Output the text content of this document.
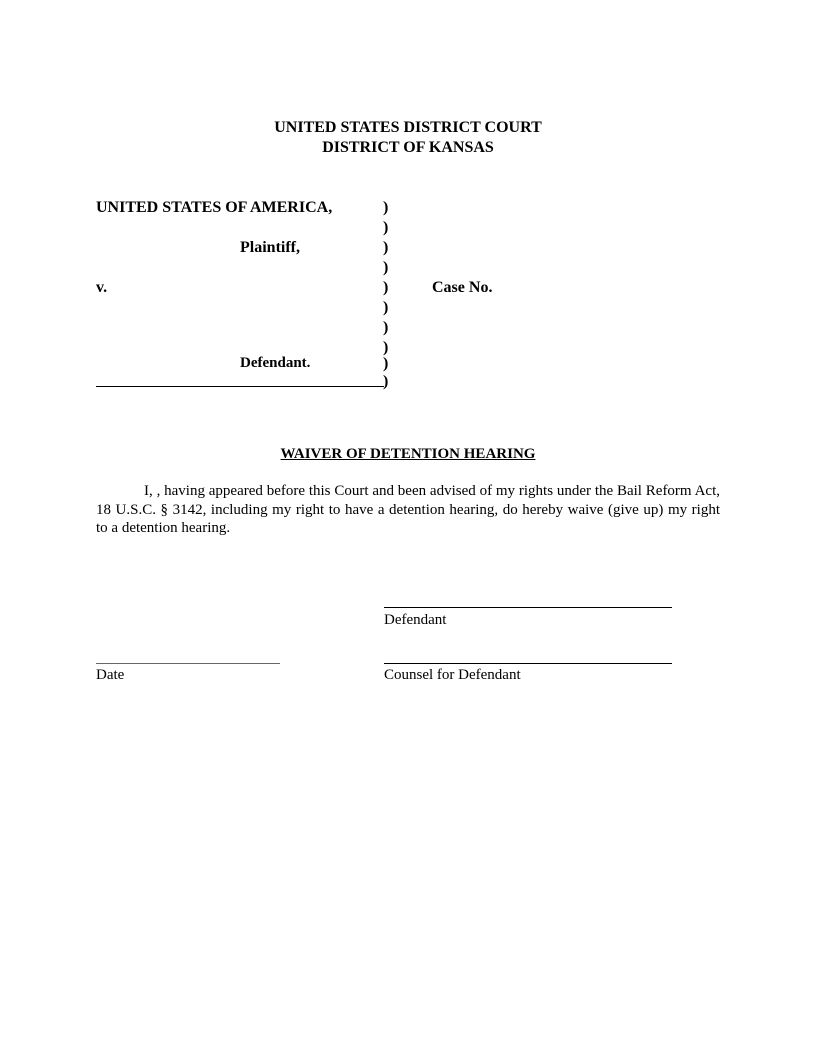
UNITED STATES DISTRICT COURT
DISTRICT OF KANSAS
UNITED STATES OF AMERICA,
Plaintiff,
v.
Defendant.
)
)
)
)
)
)
)
)
)
)
Case No.
WAIVER OF DETENTION HEARING
I, , having appeared before this Court and been advised of my rights under the Bail Reform Act, 18 U.S.C. § 3142, including my right to have a detention hearing, do hereby waive (give up) my right to a detention hearing.
Defendant
Date	Counsel for Defendant
